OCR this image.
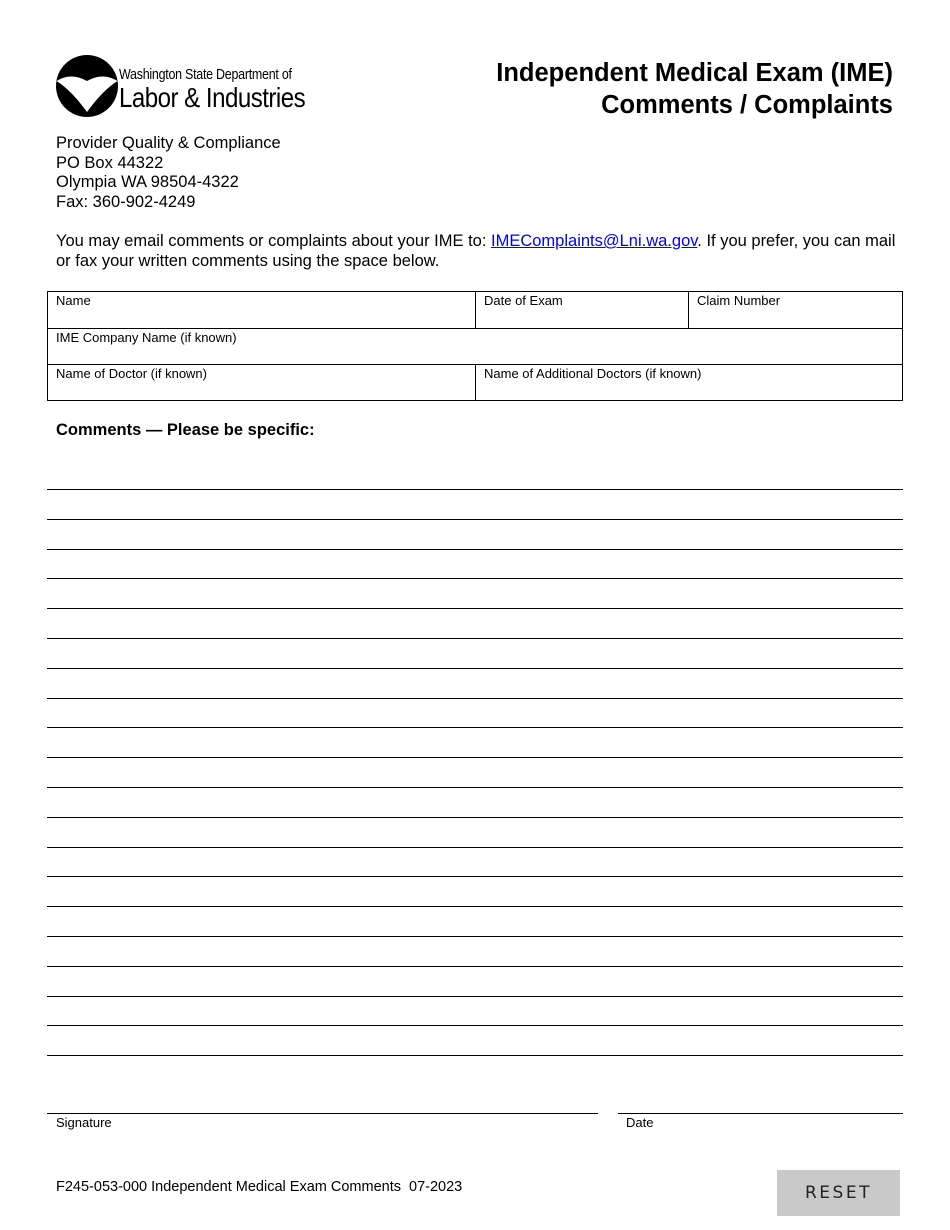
Washington State Department of
Labor & Industries
Independent Medical Exam (IME)
Comments / Complaints
Provider Quality & Compliance
PO Box 44322
Olympia WA 98504-4322
Fax: 360-902-4249
You may email comments or complaints about your IME to: IMEComplaints@Lni.wa.gov. If you prefer, you can mail or fax your written comments using the space below.
Name	Date of Exam	Claim Number
IME Company Name (if known)
Name of Doctor (if known)	Name of Additional Doctors (if known)
Comments — Please be specific:
Signature	Date
F245-053-000 Independent Medical Exam Comments  07-2023	RESET
